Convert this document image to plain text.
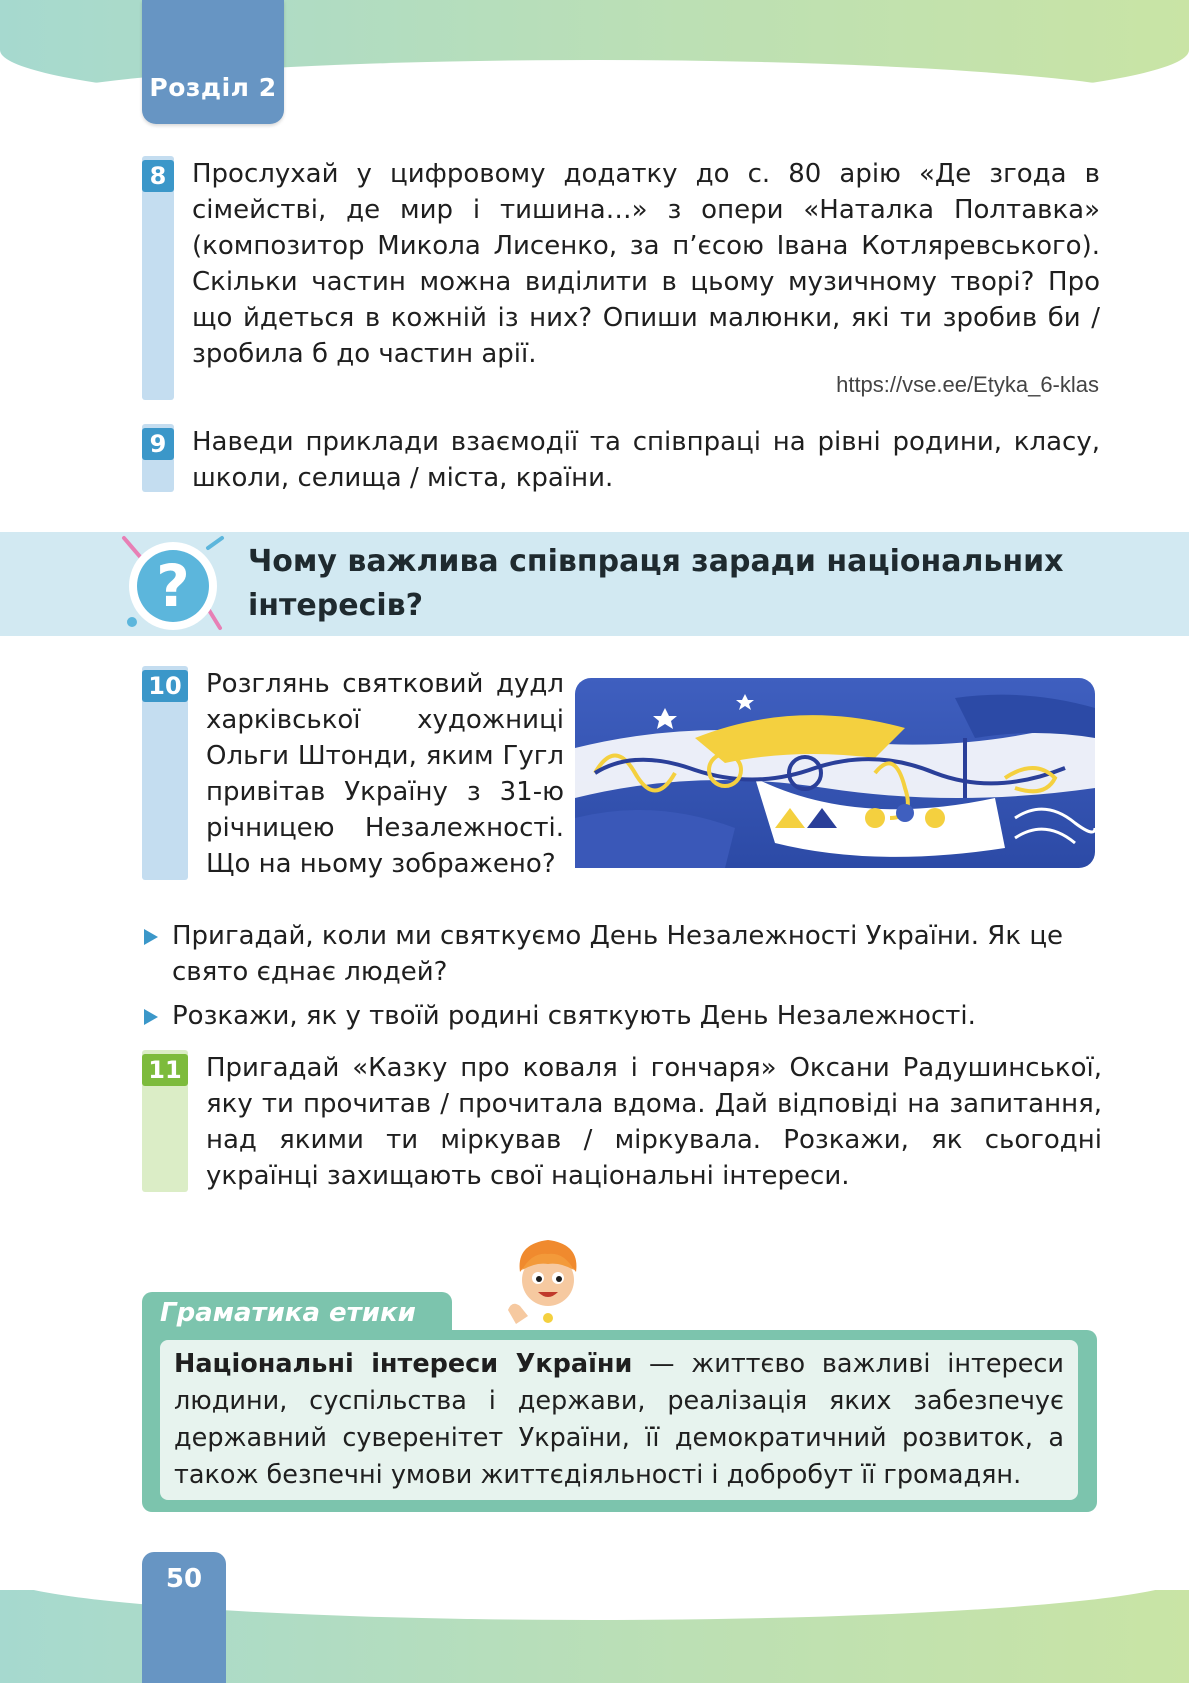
Розділ 2
8 Прослухай у цифровому додатку до с. 80 арію «Де згода в сімействі, де мир і тишина…» з опери «Наталка Полтавка» (композитор Микола Лисенко, за п’єсою Івана Котляревського). Скільки частин можна виділити в цьому музичному творі? Про що йдеться в кожній із них? Опиши малюнки, які ти зробив би / зробила б до частин арії.
https://vse.ee/Etyka_6-klas
9 Наведи приклади взаємодії та співпраці на рівні родини, класу, школи, селища / міста, країни.
? Чому важлива співпраця заради національних інтересів?
10 Розглянь святковий дудл харківської художниці Ольги Штонди, яким Гугл привітав Україну з 31-ю річницею Незалежності. Що на ньому зображено?
Пригадай, коли ми святкуємо День Незалежності України. Як це свято єднає людей?
Розкажи, як у твоїй родині святкують День Незалежності.
11 Пригадай «Казку про коваля і гончаря» Оксани Радушинської, яку ти прочитав / прочитала вдома. Дай відповіді на запитання, над якими ти міркував / міркувала. Розкажи, як сьогодні українці захищають свої національні інтереси.
Граматика етики
Національні інтереси України — життєво важливі інтереси людини, суспільства і держави, реалізація яких забезпечує державний суверенітет України, її демократичний розвиток, а також безпечні умови життєдіяльності і добробут її громадян.
50
